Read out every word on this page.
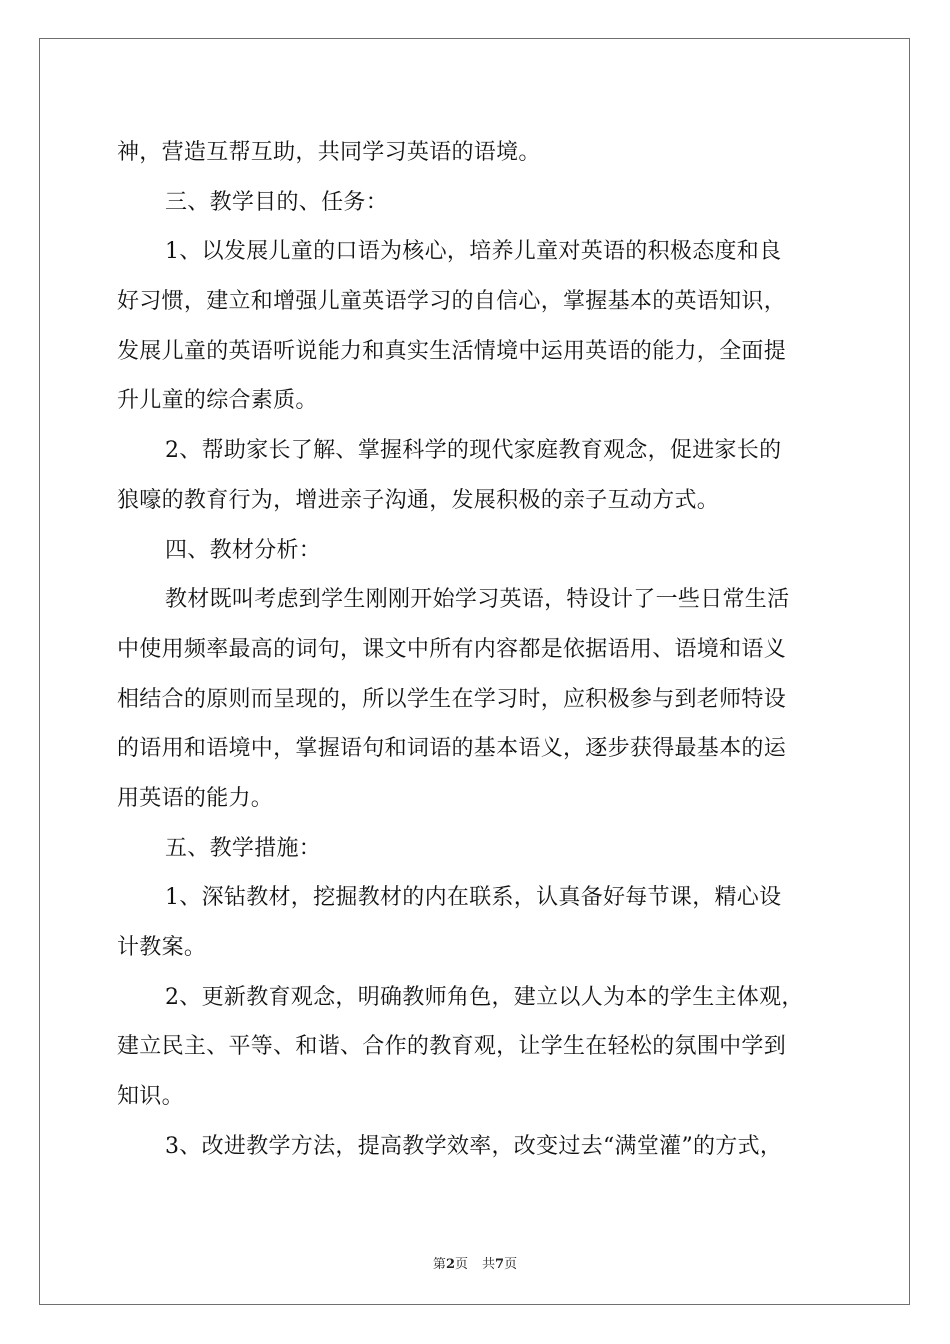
神，营造互帮互助，共同学习英语的语境。
三、教学目的、任务：
1、以发展儿童的口语为核心，培养儿童对英语的积极态度和良
好习惯，建立和增强儿童英语学习的自信心，掌握基本的英语知识，
发展儿童的英语听说能力和真实生活情境中运用英语的能力，全面提
升儿童的综合素质。
2、帮助家长了解、掌握科学的现代家庭教育观念，促进家长的
狼嚎的教育行为，增进亲子沟通，发展积极的亲子互动方式。
四、教材分析：
教材既叫考虑到学生刚刚开始学习英语，特设计了一些日常生活
中使用频率最高的词句，课文中所有内容都是依据语用、语境和语义
相结合的原则而呈现的，所以学生在学习时，应积极参与到老师特设
的语用和语境中，掌握语句和词语的基本语义，逐步获得最基本的运
用英语的能力。
五、教学措施：
1、深钻教材，挖掘教材的内在联系，认真备好每节课，精心设
计教案。
2、更新教育观念，明确教师角色，建立以人为本的学生主体观，
建立民主、平等、和谐、合作的教育观，让学生在轻松的氛围中学到
知识。
3、改进教学方法，提高教学效率，改变过去“满堂灌”的方式，
第2页 共7页
